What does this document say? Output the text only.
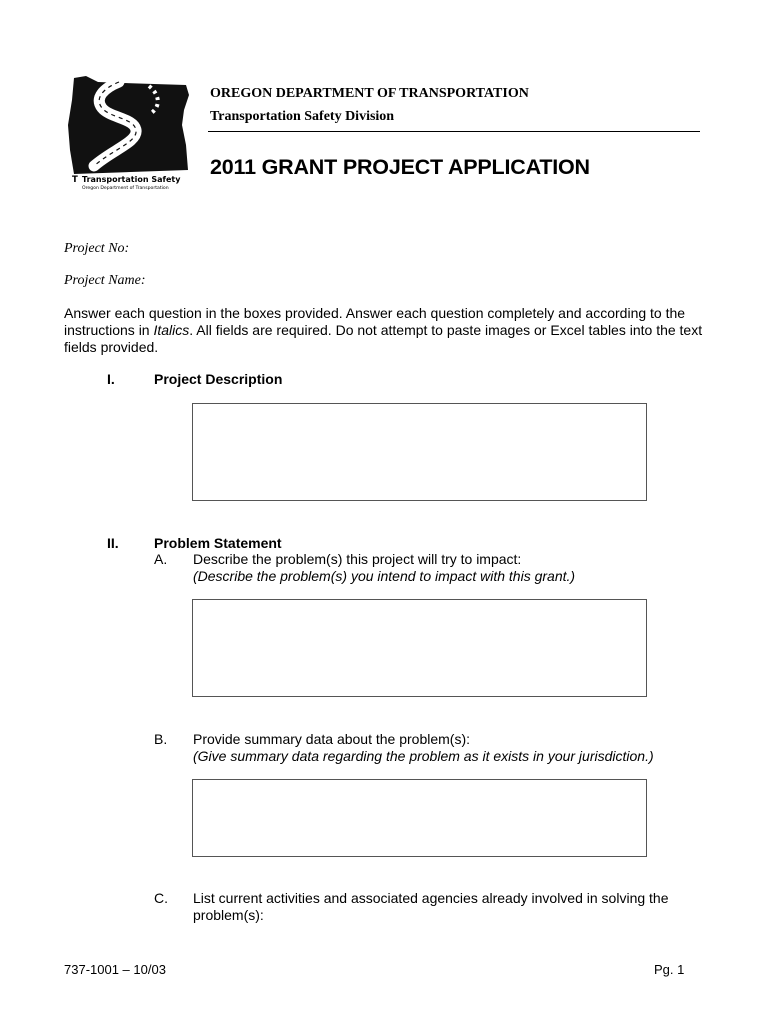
T Transportation Safety
Oregon Department of Transportation
OREGON DEPARTMENT OF TRANSPORTATION
Transportation Safety Division
2011 GRANT PROJECT APPLICATION
Project No:
Project Name:
Answer each question in the boxes provided. Answer each question completely and according to the instructions in Italics. All fields are required. Do not attempt to paste images or Excel tables into the text fields provided.
I.	Project Description
II.	Problem Statement
A. Describe the problem(s) this project will try to impact:
(Describe the problem(s) you intend to impact with this grant.)
B. Provide summary data about the problem(s):
(Give summary data regarding the problem as it exists in your jurisdiction.)
C. List current activities and associated agencies already involved in solving the problem(s):
737-1001 – 10/03	Pg. 1
